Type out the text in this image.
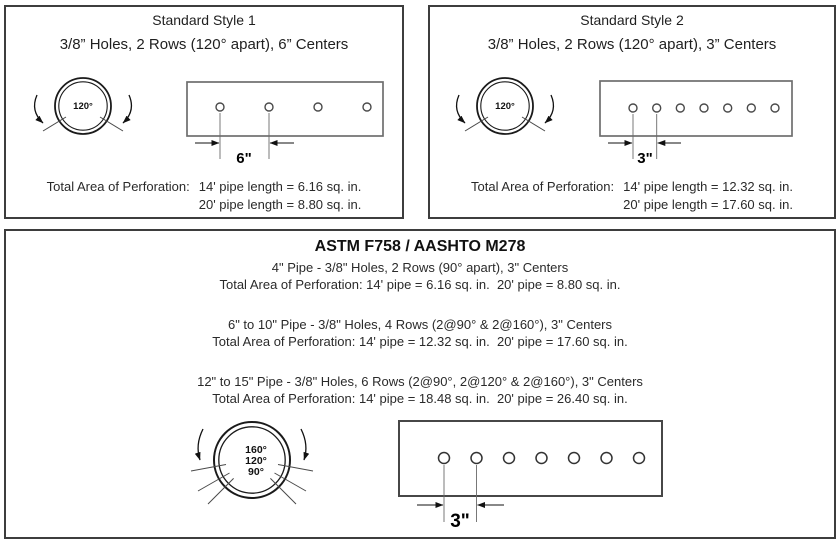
Standard Style 1
3/8” Holes, 2 Rows (120° apart), 6” Centers
120°
6"
Total Area of Perforation: 14' pipe length = 6.16 sq. in.
20' pipe length = 8.80 sq. in.
Standard Style 2
3/8” Holes, 2 Rows (120° apart), 3” Centers
120°
3"
Total Area of Perforation: 14' pipe length = 12.32 sq. in.
20' pipe length = 17.60 sq. in.
ASTM F758 / AASHTO M278
4" Pipe - 3/8" Holes, 2 Rows (90° apart), 3" Centers
Total Area of Perforation: 14' pipe = 6.16 sq. in.  20' pipe = 8.80 sq. in.
6" to 10" Pipe - 3/8" Holes, 4 Rows (2@90° & 2@160°), 3" Centers
Total Area of Perforation: 14' pipe = 12.32 sq. in.  20' pipe = 17.60 sq. in.
12" to 15" Pipe - 3/8" Holes, 6 Rows (2@90°, 2@120° & 2@160°), 3" Centers
Total Area of Perforation: 14' pipe = 18.48 sq. in.  20' pipe = 26.40 sq. in.
160°
120°
90°
3"
